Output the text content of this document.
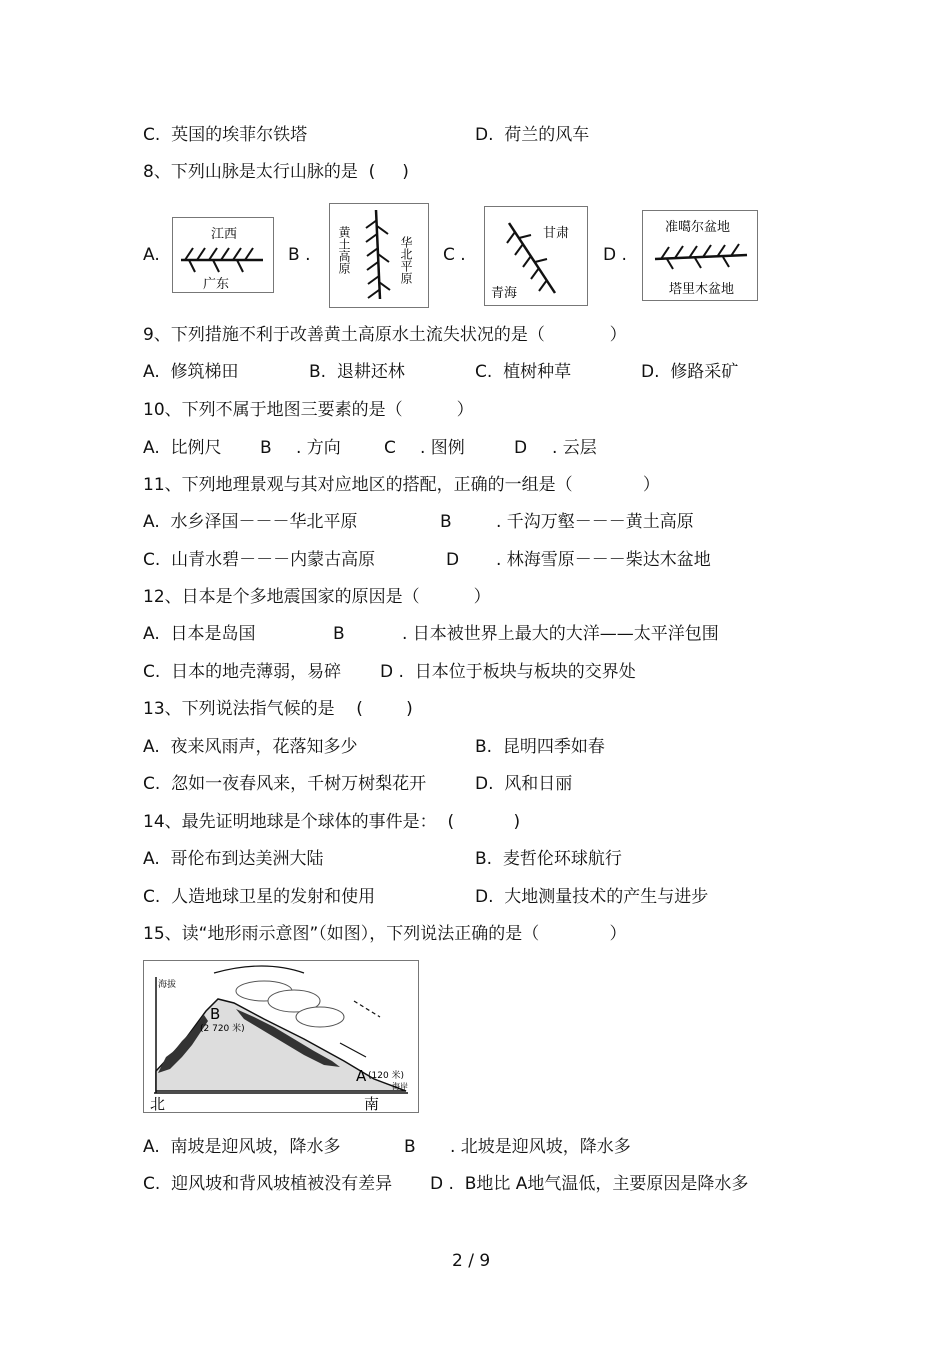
C.  英国的埃菲尔铁塔	D.  荷兰的风车
8、下列山脉是太行山脉的是  (     )
A.
江西
广东
B . 黄土高原	华北平原 C .
甘肃
青海
D .
准噶尔盆地
塔里木盆地
9、下列措施不利于改善黄土高原水土流失状况的是（            ）
A.  修筑梯田	B.  退耕还林	C.  植树种草	D.  修路采矿
10、下列不属于地图三要素的是（          ）
A.  比例尺 B . 方向	C . 图例	D . 云层
11、下列地理景观与其对应地区的搭配，正确的一组是（             ）
A.  水乡泽国－－－华北平原	B	. 千沟万壑－－－黄土高原
C.  山青水碧－－－内蒙古高原	D . 林海雪原－－－柴达木盆地
12、日本是个多地震国家的原因是（          ）
A.  日本是岛国	B	. 日本被世界上最大的大洋——太平洋包围
C.  日本的地壳薄弱，易碎 D .  日本位于板块与板块的交界处
13、下列说法指气候的是    (        )
A.  夜来风雨声，花落知多少	B.  昆明四季如春
C.  忽如一夜春风来，千树万树梨花开	D.  风和日丽
14、最先证明地球是个球体的事件是：  (           )
A.  哥伦布到达美洲大陆	B.  麦哲伦环球航行
C.  人造地球卫星的发射和使用	D.  大地测量技术的产生与进步
15、读“地形雨示意图”（如图），下列说法正确的是（             ）
海拔
B
(2 720 米)
A (120 米)
海岸
北	南
A.  南坡是迎风坡，降水多	B . 北坡是迎风坡，降水多
C.  迎风坡和背风坡植被没有差异 D .  B地比 A地气温低，主要原因是降水多
2 / 9
